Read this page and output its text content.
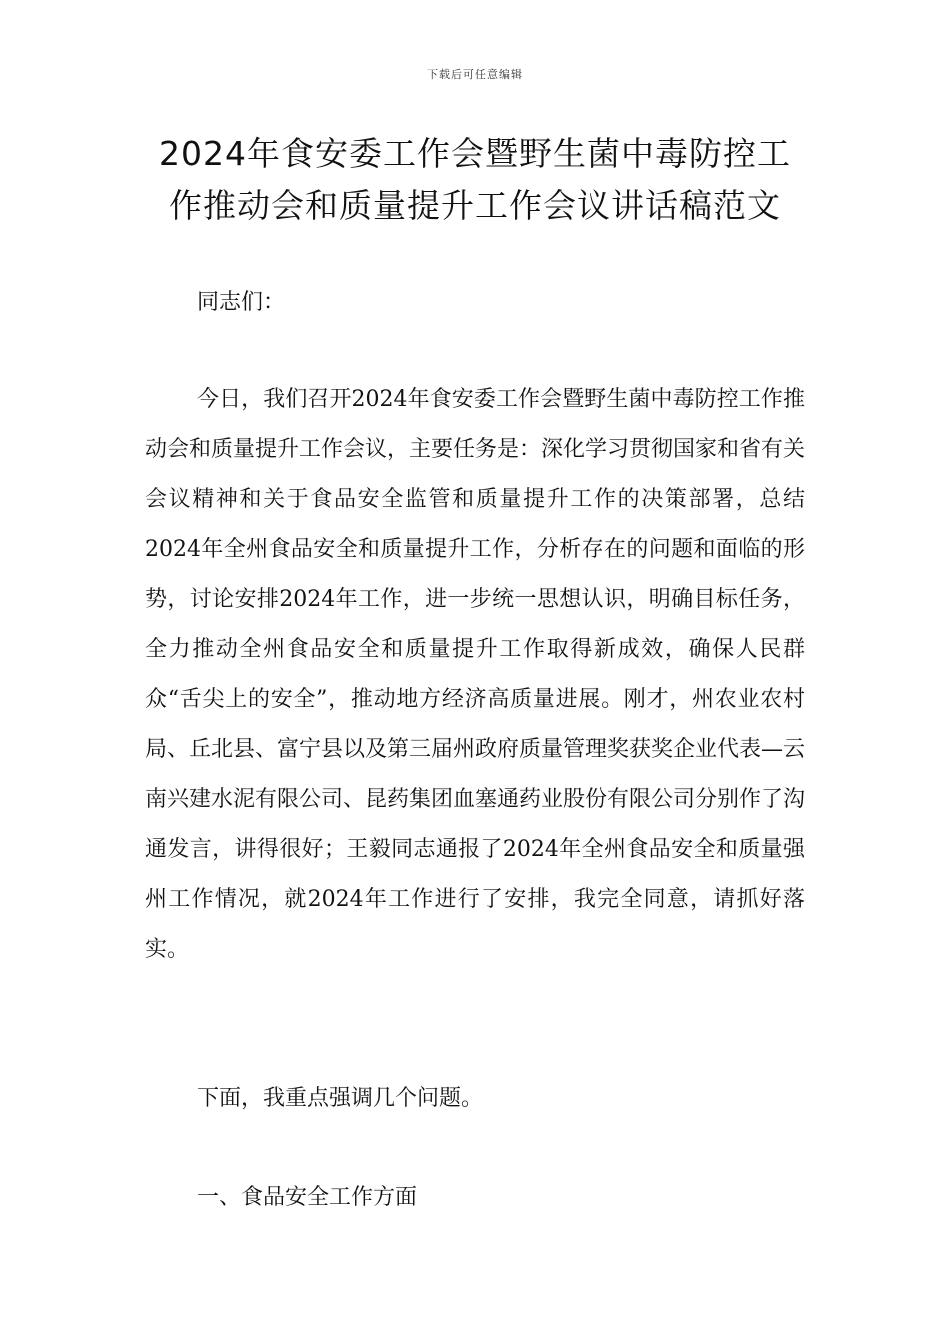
下载后可任意编辑
2024年食安委工作会暨野生菌中毒防控工作推动会和质量提升工作会议讲话稿范文

同志们：

今日，我们召开2024年食安委工作会暨野生菌中毒防控工作推动会和质量提升工作会议，主要任务是：深化学习贯彻国家和省有关会议精神和关于食品安全监管和质量提升工作的决策部署，总结2024年全州食品安全和质量提升工作，分析存在的问题和面临的形势，讨论安排2024年工作，进一步统一思想认识，明确目标任务，全力推动全州食品安全和质量提升工作取得新成效，确保人民群众“舌尖上的安全”，推动地方经济高质量进展。刚才，州农业农村局、丘北县、富宁县以及第三届州政府质量管理奖获奖企业代表—云南兴建水泥有限公司、昆药集团血塞通药业股份有限公司分别作了沟通发言，讲得很好；王毅同志通报了2024年全州食品安全和质量强州工作情况，就2024年工作进行了安排，我完全同意，请抓好落实。

下面，我重点强调几个问题。

一、食品安全工作方面
